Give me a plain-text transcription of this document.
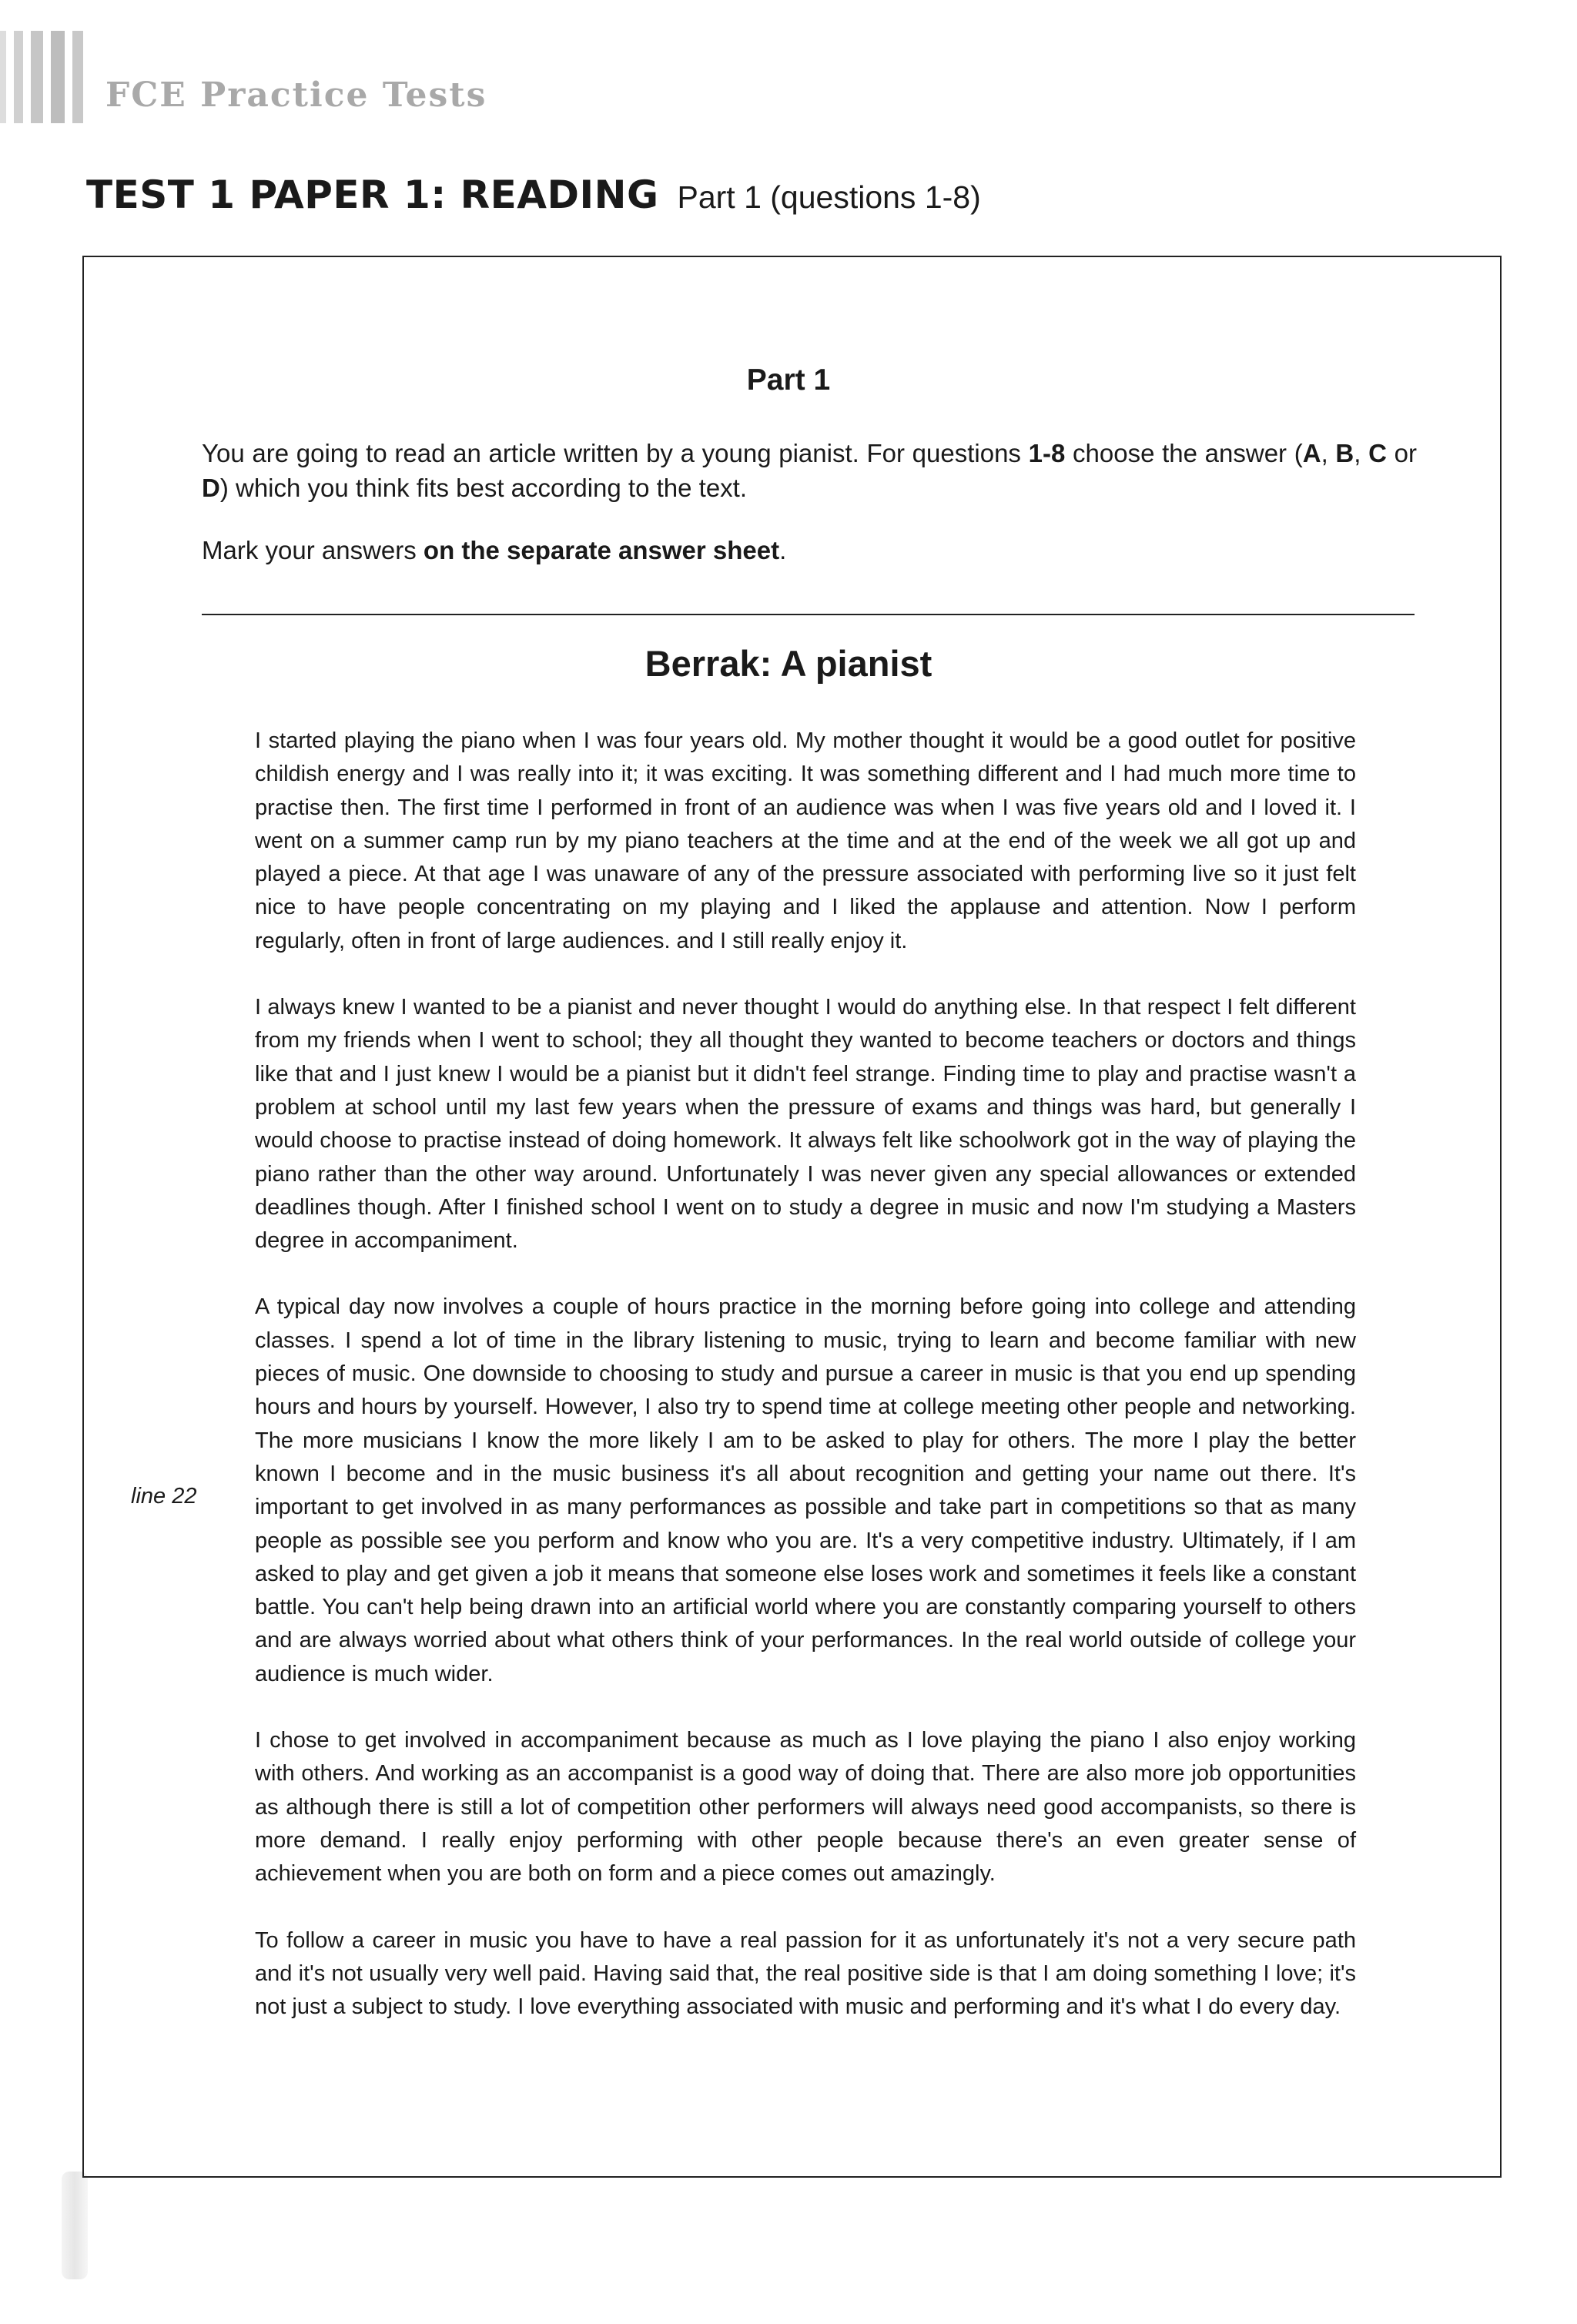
FCE Practice Tests
TEST 1 PAPER 1: READING Part 1 (questions 1-8)
Part 1

You are going to read an article written by a young pianist. For questions 1-8 choose the answer (A, B, C or D) which you think fits best according to the text.

Mark your answers on the separate answer sheet.

Berrak: A pianist
line 22

I started playing the piano when I was four years old. My mother thought it would be a good outlet for positive childish energy and I was really into it; it was exciting. It was something different and I had much more time to practise then. The first time I performed in front of an audience was when I was five years old and I loved it. I went on a summer camp run by my piano teachers at the time and at the end of the week we all got up and played a piece. At that age I was unaware of any of the pressure associated with performing live so it just felt nice to have people concentrating on my playing and I liked the applause and attention. Now I perform regularly, often in front of large audiences. and I still really enjoy it.

I always knew I wanted to be a pianist and never thought I would do anything else. In that respect I felt different from my friends when I went to school; they all thought they wanted to become teachers or doctors and things like that and I just knew I would be a pianist but it didn't feel strange. Finding time to play and practise wasn't a problem at school until my last few years when the pressure of exams and things was hard, but generally I would choose to practise instead of doing homework. It always felt like schoolwork got in the way of playing the piano rather than the other way around. Unfortunately I was never given any special allowances or extended deadlines though. After I finished school I went on to study a degree in music and now I'm studying a Masters degree in accompaniment.

A typical day now involves a couple of hours practice in the morning before going into college and attending classes. I spend a lot of time in the library listening to music, trying to learn and become familiar with new pieces of music. One downside to choosing to study and pursue a career in music is that you end up spending hours and hours by yourself. However, I also try to spend time at college meeting other people and networking. The more musicians I know the more likely I am to be asked to play for others. The more I play the better known I become and in the music business it's all about recognition and getting your name out there. It's important to get involved in as many performances as possible and take part in competitions so that as many people as possible see you perform and know who you are. It's a very competitive industry. Ultimately, if I am asked to play and get given a job it means that someone else loses work and sometimes it feels like a constant battle. You can't help being drawn into an artificial world where you are constantly comparing yourself to others and are always worried about what others think of your performances. In the real world outside of college your audience is much wider.

I chose to get involved in accompaniment because as much as I love playing the piano I also enjoy working with others. And working as an accompanist is a good way of doing that. There are also more job opportunities as although there is still a lot of competition other performers will always need good accompanists, so there is more demand. I really enjoy performing with other people because there's an even greater sense of achievement when you are both on form and a piece comes out amazingly.

To follow a career in music you have to have a real passion for it as unfortunately it's not a very secure path and it's not usually very well paid. Having said that, the real positive side is that I am doing something I love; it's not just a subject to study. I love everything associated with music and performing and it's what I do every day.
